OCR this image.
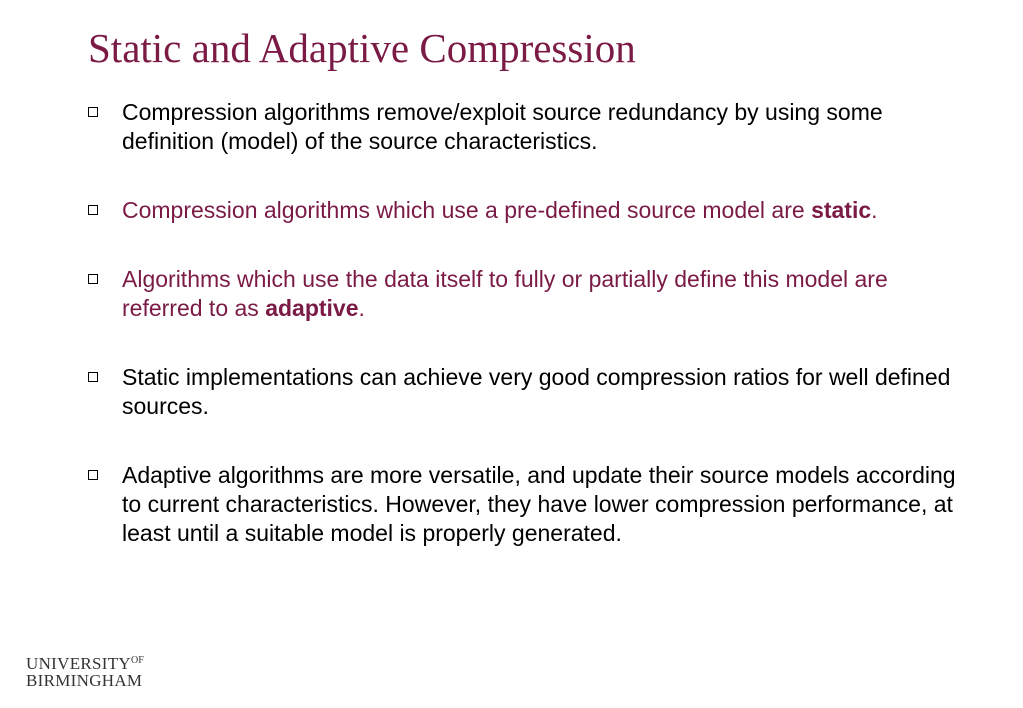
Static and Adaptive Compression
Compression algorithms remove/exploit source redundancy by using some definition (model) of the source characteristics.
Compression algorithms which use a pre-defined source model are static.
Algorithms which use the data itself to fully or partially define this model are referred to as adaptive.
Static implementations can achieve very good compression ratios for well defined sources.
Adaptive algorithms are more versatile, and update their source models according to current characteristics. However, they have lower compression performance, at least until a suitable model is properly generated.
$UNIVERSITY^{OF}$
BIRMINGHAM
